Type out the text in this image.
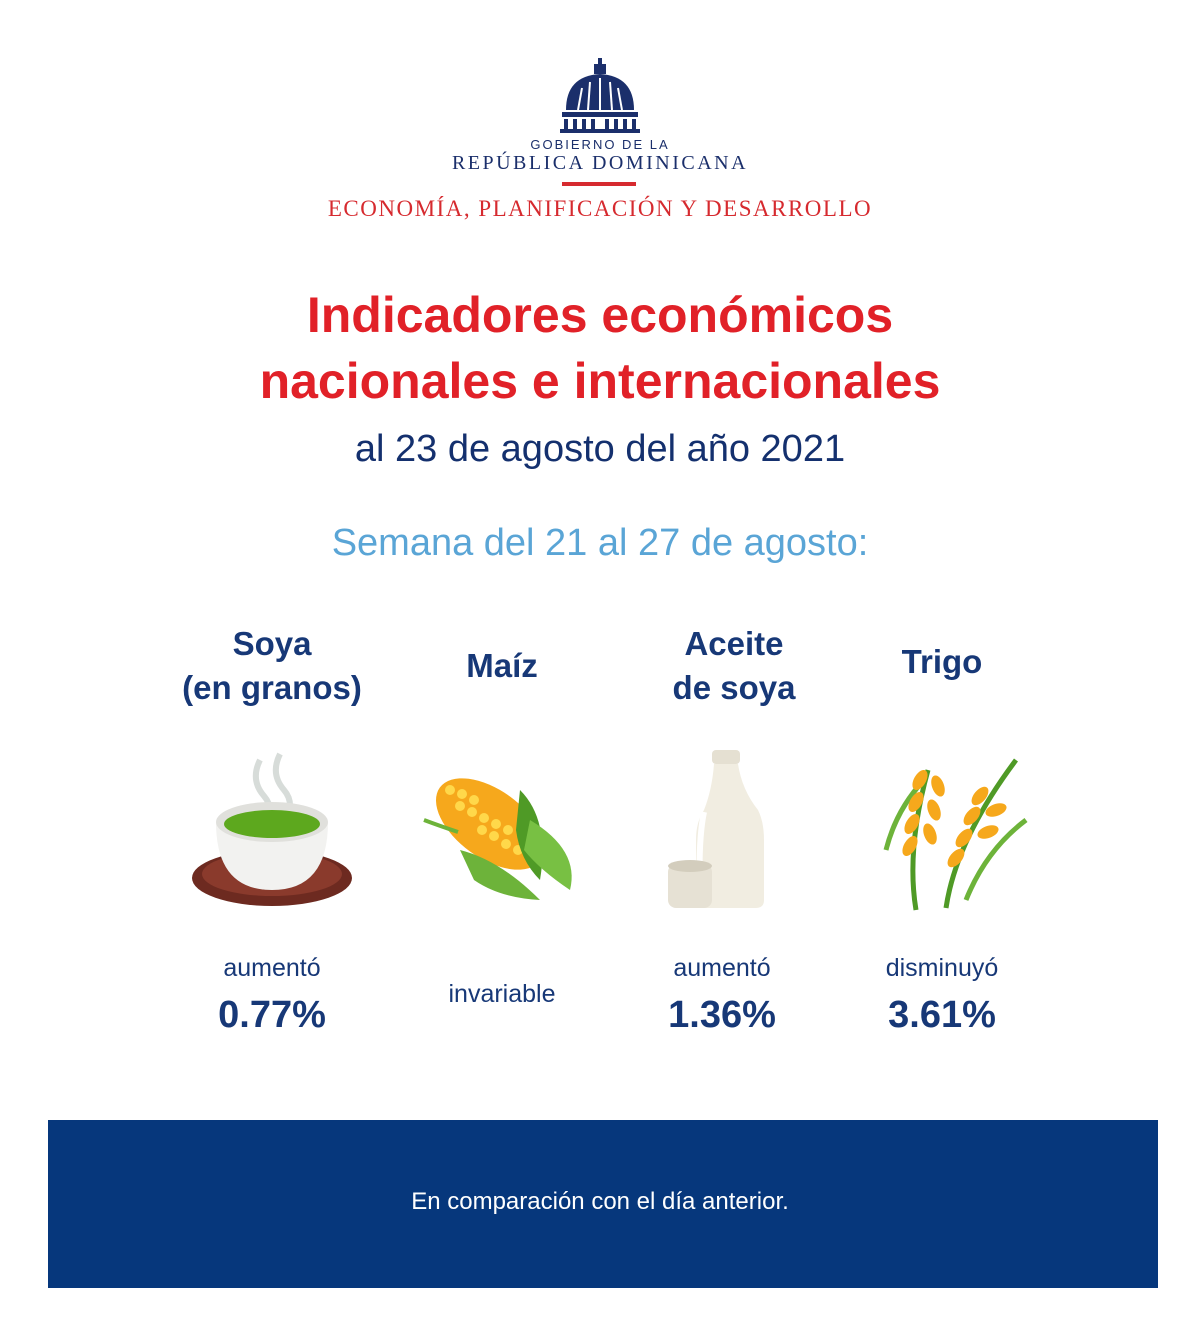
GOBIERNO DE LA
REPÚBLICA DOMINICANA
ECONOMÍA, PLANIFICACIÓN Y DESARROLLO
Indicadores económicos
nacionales e internacionales
al 23 de agosto del año 2021
Semana del 21 al 27 de agosto:
Soya
(en granos)
aumentó
0.77%
Maíz
invariable
Aceite
de soya
aumentó
1.36%
Trigo
disminuyó
3.61%
En comparación con el día anterior.
